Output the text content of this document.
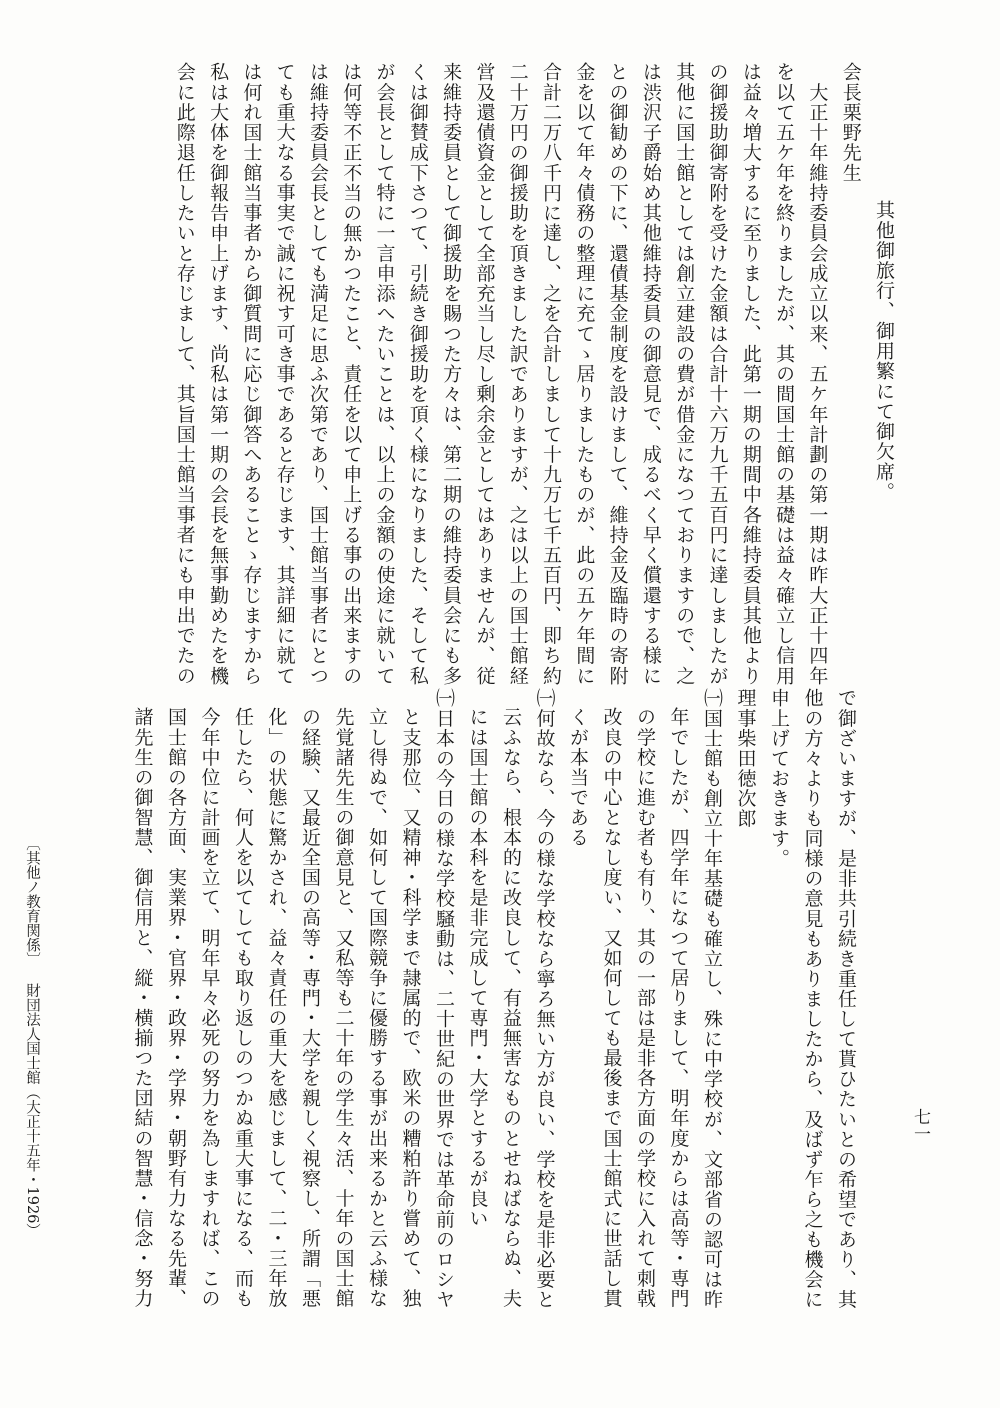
其他御旅行、御用繁にて御欠席。
会長栗野先生
　大正十年維持委員会成立以来、五ケ年計劃の第一期は昨大正十四年
を以て五ケ年を終りましたが、其の間国士館の基礎は益々確立し信用
は益々増大するに至りました、此第一期の期間中各維持委員其他より
の御援助御寄附を受けた金額は合計十六万九千五百円に達しましたが
其他に国士館としては創立建設の費が借金になつておりますので、之
は渋沢子爵始め其他維持委員の御意見で、成るべく早く償還する様に
との御勧めの下に、還債基金制度を設けまして、維持金及臨時の寄附
金を以て年々債務の整理に充てゝ居りましたものが、此の五ケ年間に
合計二万八千円に達し、之を合計しまして十九万七千五百円、即ち約
二十万円の御援助を頂きました訳でありますが、之は以上の国士館経
営及還債資金として全部充当し尽し剰余金としてはありませんが、従
来維持委員として御援助を賜つた方々は、第二期の維持委員会にも多
くは御賛成下さつて、引続き御援助を頂く様になりました、そして私
が会長として特に一言申添へたいことは、以上の金額の使途に就いて
は何等不正不当の無かつたこと、責任を以て申上げる事の出来ますの
は維持委員会長としても満足に思ふ次第であり、国士館当事者にとつ
ても重大なる事実で誠に祝す可き事であると存じます、其詳細に就て
は何れ国士館当事者から御質問に応じ御答へあることゝ存じますから
私は大体を御報告申上げます、尚私は第一期の会長を無事勤めたを機
会に此際退任したいと存じまして、其旨国士館当事者にも申出でたの
で御ざいますが、是非共引続き重任して貰ひたいとの希望であり、其
他の方々よりも同様の意見もありましたから、及ばず乍ら之も機会に
申上げておきます。
理事柴田徳次郎
㈠国士館も創立十年基礎も確立し、殊に中学校が、文部省の認可は昨
年でしたが、四学年になつて居りまして、明年度からは高等・専門
の学校に進む者も有り、其の一部は是非各方面の学校に入れて刺戟
改良の中心となし度い、又如何しても最後まで国士館式に世話し貫
くが本当である
㈠何故なら、今の様な学校なら寧ろ無い方が良い、学校を是非必要と
云ふなら、根本的に改良して、有益無害なものとせねばならぬ、夫
には国士館の本科を是非完成して専門・大学とするが良い
㈠日本の今日の様な学校騒動は、二十世紀の世界では革命前のロシヤ
と支那位、又精神・科学まで隷属的で、欧米の糟粕許り嘗めて、独
立し得ぬで、如何して国際競争に優勝する事が出来るかと云ふ様な
先覚諸先生の御意見と、又私等も二十年の学生々活、十年の国士館
の経験、又最近全国の高等・専門・大学を親しく視察し、所謂「悪
化」の状態に驚かされ、益々責任の重大を感じまして、二・三年放
任したら、何人を以てしても取り返しのつかぬ重大事になる、而も
今年中位に計画を立て、明年早々必死の努力を為しますれば、この
国士館の各方面、実業界・官界・政界・学界・朝野有力なる先輩、
諸先生の御智慧、御信用と、縦・横揃つた団結の智慧・信念・努力
〔其他ノ教育関係〕
財団法人国士館
（大正十五年・1926）	七一
